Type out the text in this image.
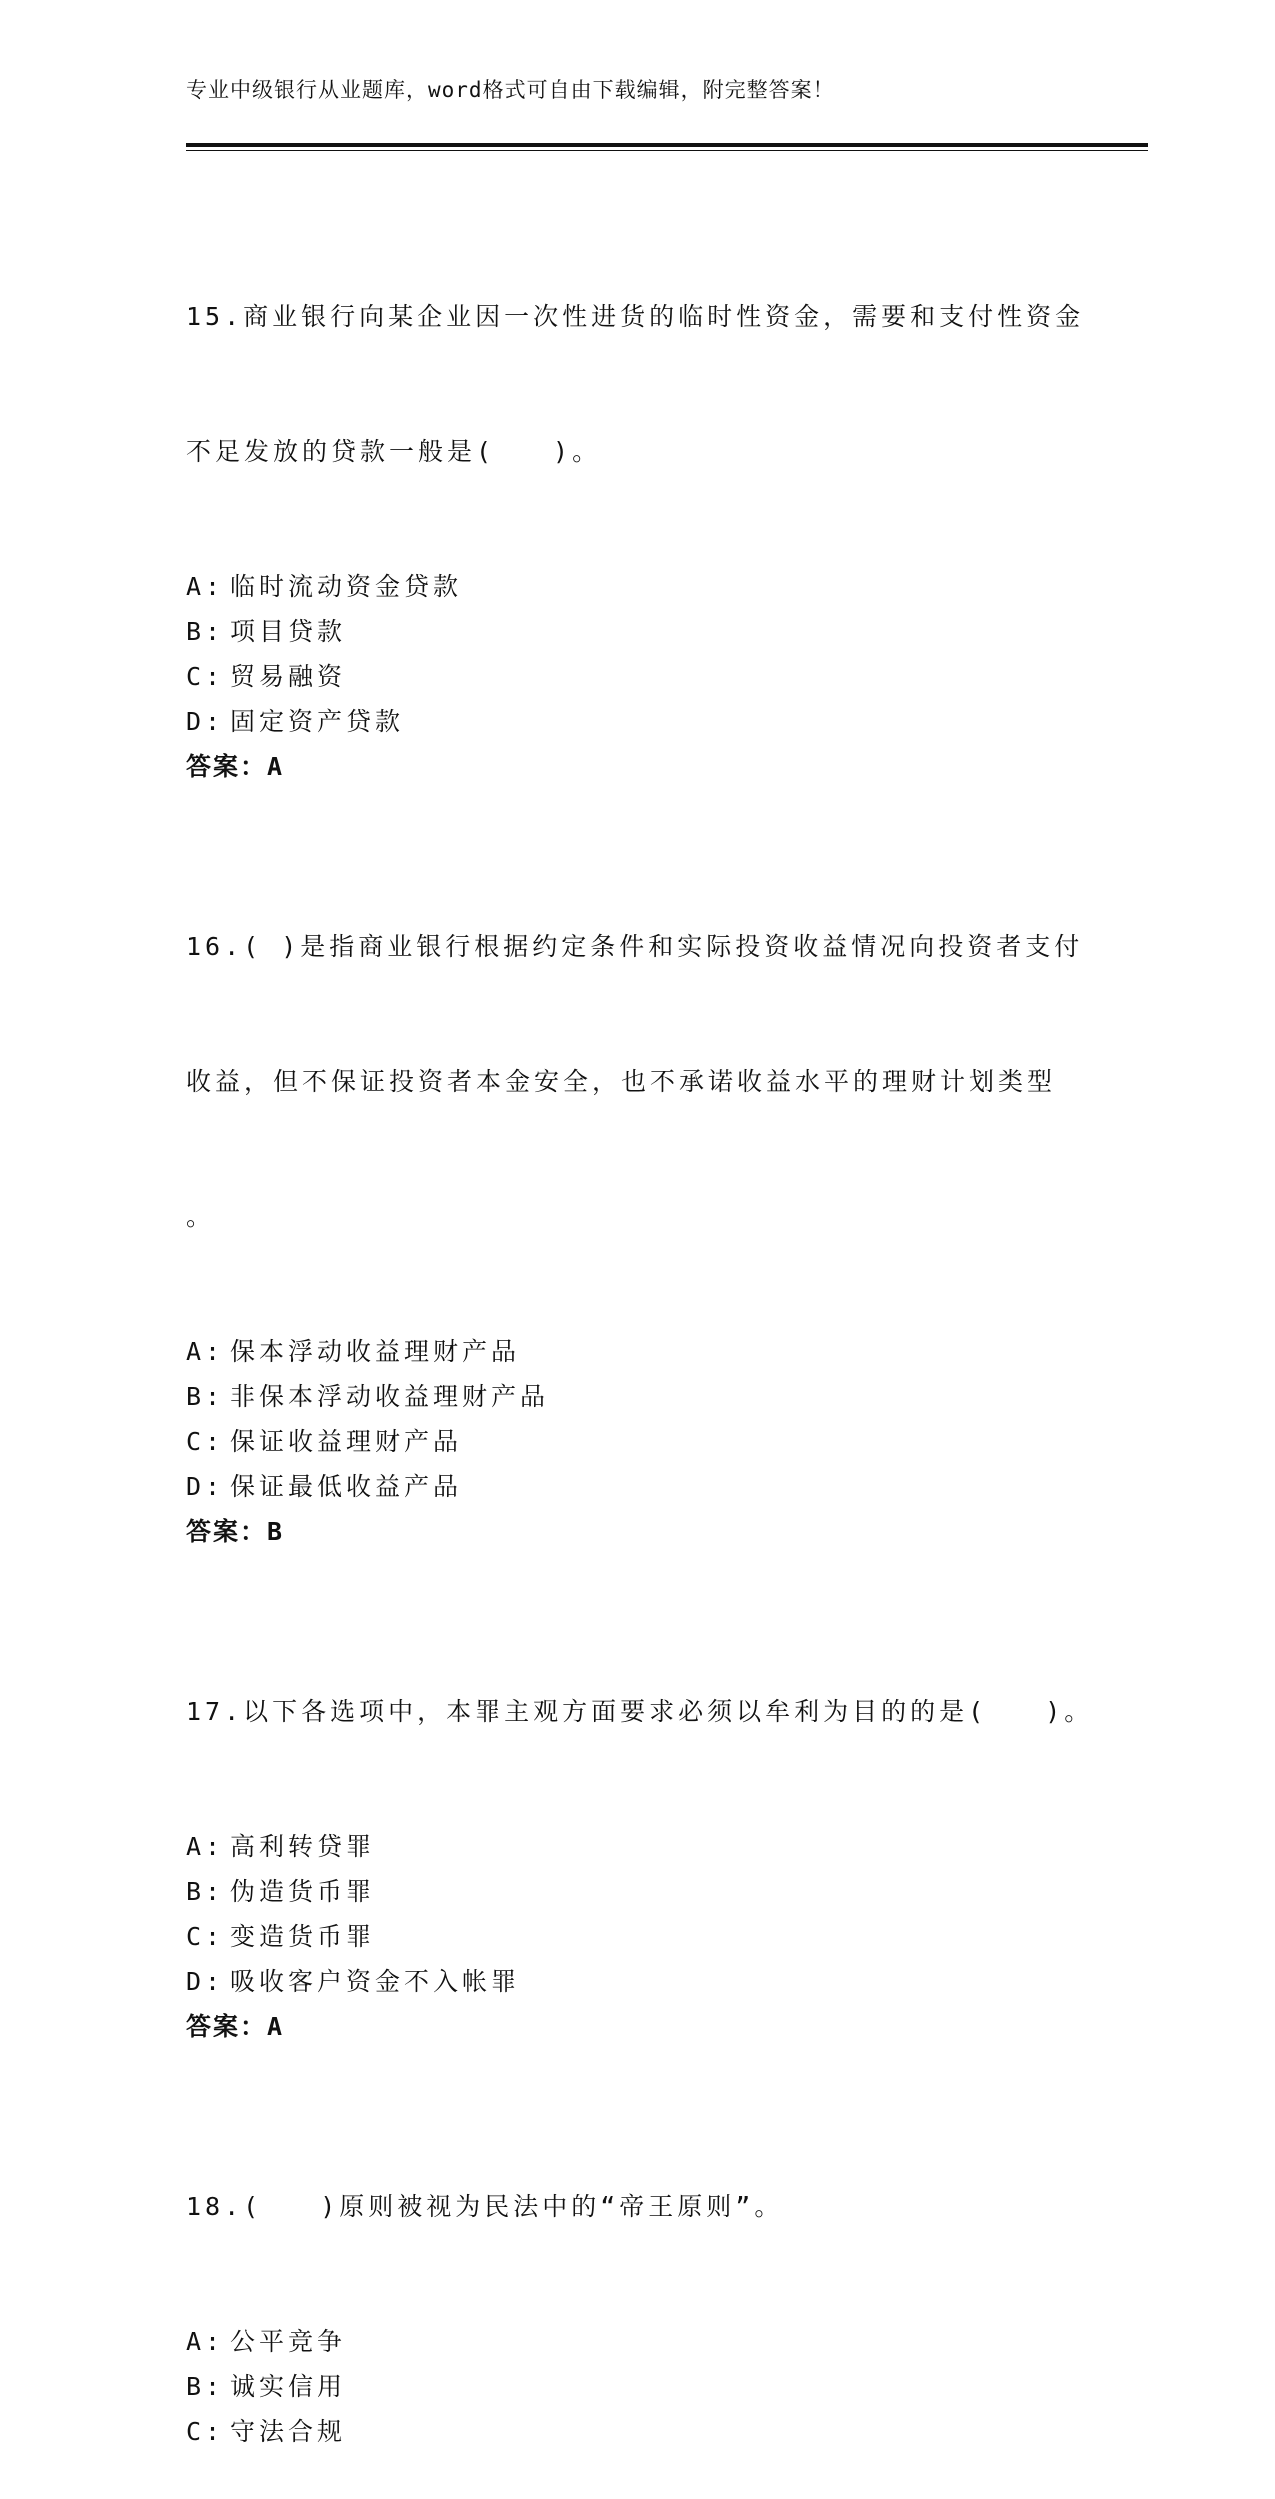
专业中级银行从业题库，word格式可自由下载编辑，附完整答案！

15.商业银行向某企业因一次性进货的临时性资金，需要和支付性资金

不足发放的贷款一般是(　　)。

A: 临时流动资金贷款
B: 项目贷款
C: 贸易融资
D: 固定资产贷款
答案：A

16.( )是指商业银行根据约定条件和实际投资收益情况向投资者支付

收益，但不保证投资者本金安全，也不承诺收益水平的理财计划类型

。

A: 保本浮动收益理财产品
B: 非保本浮动收益理财产品
C: 保证收益理财产品
D: 保证最低收益产品
答案：B

17.以下各选项中，本罪主观方面要求必须以牟利为目的的是(　　)。

A: 高利转贷罪
B: 伪造货币罪
C: 变造货币罪
D: 吸收客户资金不入帐罪
答案：A

18.(　　)原则被视为民法中的“帝王原则”。

A: 公平竞争
B: 诚实信用
C: 守法合规
